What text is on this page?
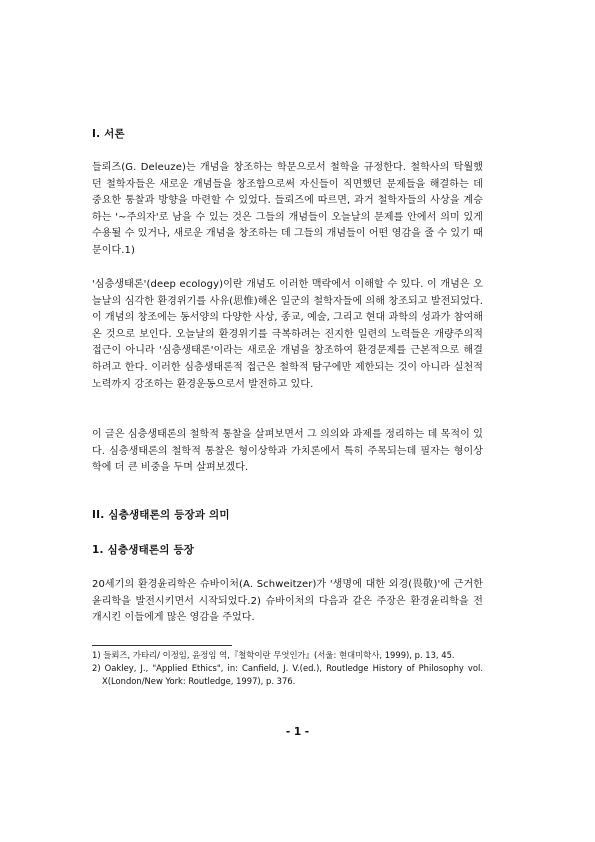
I. 서론
들뢰즈(G. Deleuze)는 개념을 창조하는 학문으로서 철학을 규정한다. 철학사의 탁월했던 철학자들은 새로운 개념들을 창조함으로써 자신들이 직면했던 문제들을 해결하는 데 중요한 통찰과 방향을 마련할 수 있었다. 들뢰즈에 따르면, 과거 철학자들의 사상을 계승하는 '~주의자'로 남을 수 있는 것은 그들의 개념들이 오늘날의 문제를 안에서 의미 있게 수용될 수 있거나, 새로운 개념을 창조하는 데 그들의 개념들이 어떤 영감을 줄 수 있기 때문이다.1)
'심층생태론'(deep ecology)이란 개념도 이러한 맥락에서 이해할 수 있다. 이 개념은 오늘날의 심각한 환경위기를 사유(思惟)해온 일군의 철학자들에 의해 창조되고 발전되었다. 이 개념의 창조에는 동서양의 다양한 사상, 종교, 예술, 그리고 현대 과학의 성과가 참여해온 것으로 보인다. 오늘날의 환경위기를 극복하려는 진지한 일련의 노력들은 개량주의적 접근이 아니라 '심층생태론'이라는 새로운 개념을 창조하여 환경문제를 근본적으로 해결하려고 한다. 이러한 심층생태론적 접근은 철학적 탐구에만 제한되는 것이 아니라 실천적 노력까지 강조하는 환경운동으로서 발전하고 있다.
이 글은 심층생태론의 철학적 통찰을 살펴보면서 그 의의와 과제를 정리하는 데 목적이 있다. 심층생태론의 철학적 통찰은 형이상학과 가치론에서 특히 주목되는데 필자는 형이상학에 더 큰 비중을 두며 살펴보겠다.
II. 심층생태론의 등장과 의미
1. 심층생태론의 등장
20세기의 환경윤리학은 슈바이처(A. Schweitzer)가 '생명에 대한 외경(畏敬)'에 근거한 윤리학을 발전시키면서 시작되었다.2) 슈바이처의 다음과 같은 주장은 환경윤리학을 전개시킨 이들에게 많은 영감을 주었다.
1) 들뢰즈, 가타리/ 이정임, 윤정임 역,『철학이란 무엇인가』(서울: 현대미학사, 1999), p. 13, 45.
2) Oakley, J., "Applied Ethics", in: Canfield, J. V.(ed.), Routledge History of Philosophy vol. X(London/New York: Routledge, 1997), p. 376.
- 1 -
